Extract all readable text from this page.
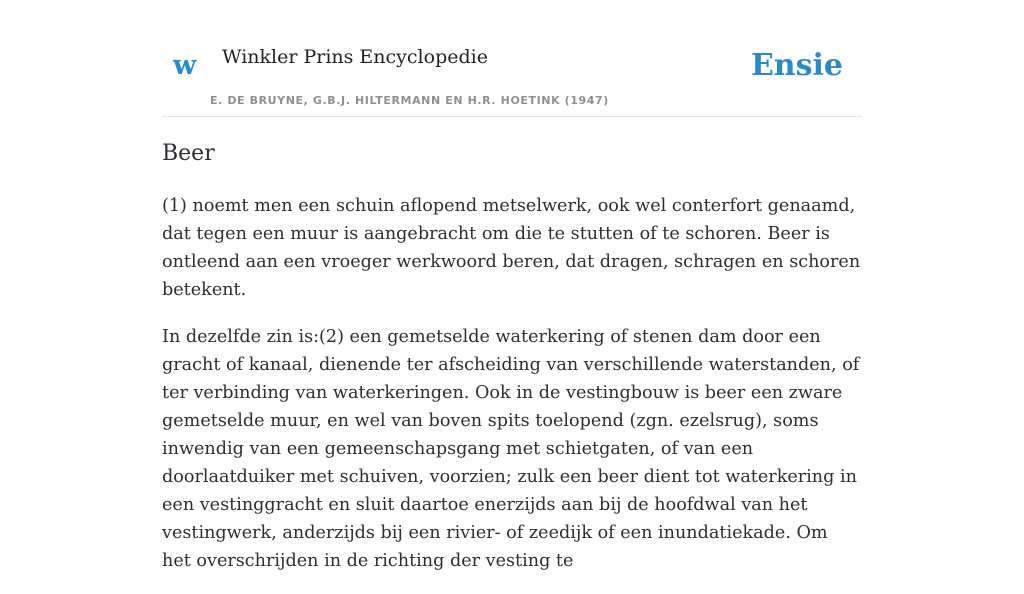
w Winkler Prins Encyclopedie
E. DE BRUYNE, G.B.J. HILTERMANN EN H.R. HOETINK (1947)
Ensie
Beer

(1) noemt men een schuin aflopend metselwerk, ook wel conterfort genaamd, dat tegen een muur is aangebracht om die te stutten of te schoren. Beer is ontleend aan een vroeger werkwoord beren, dat dragen, schragen en schoren betekent.

In dezelfde zin is:(2) een gemetselde waterkering of stenen dam door een gracht of kanaal, dienende ter afscheiding van verschillende waterstanden, of ter verbinding van waterkeringen. Ook in de vestingbouw is beer een zware gemetselde muur, en wel van boven spits toelopend (zgn. ezelsrug), soms inwendig van een gemeenschapsgang met schietgaten, of van een doorlaatduiker met schuiven, voorzien; zulk een beer dient tot waterkering in een vestinggracht en sluit daartoe enerzijds aan bij de hoofdwal van het vestingwerk, anderzijds bij een rivier- of zeedijk of een inundatiekade. Om het overschrijden in de richting der vesting te
